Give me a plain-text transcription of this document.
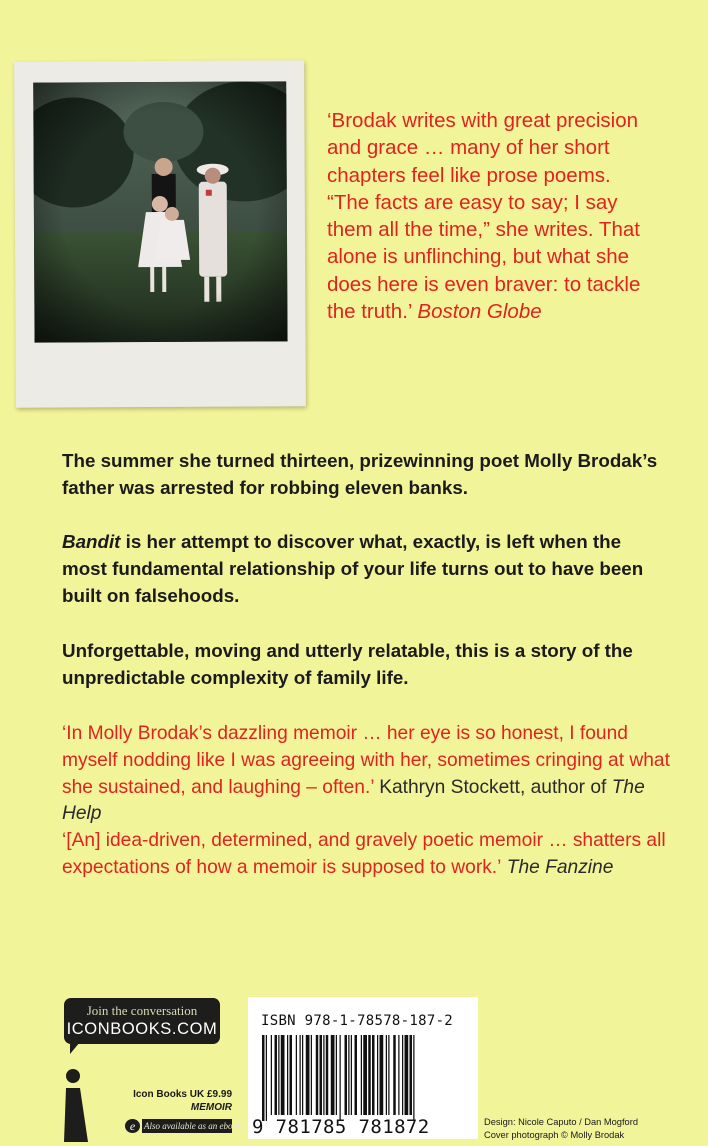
‘Brodak writes with great precision and grace … many of her short chapters feel like prose poems. “The facts are easy to say; I say them all the time,” she writes. That alone is unflinching, but what she does here is even braver: to tackle the truth.’ Boston Globe
The summer she turned thirteen, prizewinning poet Molly Brodak’s father was arrested for robbing eleven banks.
Bandit is her attempt to discover what, exactly, is left when the most fundamental relationship of your life turns out to have been built on falsehoods.
Unforgettable, moving and utterly relatable, this is a story of the unpredictable complexity of family life.
‘In Molly Brodak’s dazzling memoir … her eye is so honest, I found myself nodding like I was agreeing with her, sometimes cringing at what she sustained, and laughing – often.’ Kathryn Stockett, author of The Help
‘[An] idea-driven, determined, and gravely poetic memoir … shatters all expectations of how a memoir is supposed to work.’ The Fanzine
Join the conversation
ICONBOOKS.COM
Icon Books UK £9.99
MEMOIR
e Also available as an ebook
ISBN 978-1-78578-187-2
9 781785 781872	Design: Nicole Caputo / Dan Mogford
Cover photograph © Molly Brodak
